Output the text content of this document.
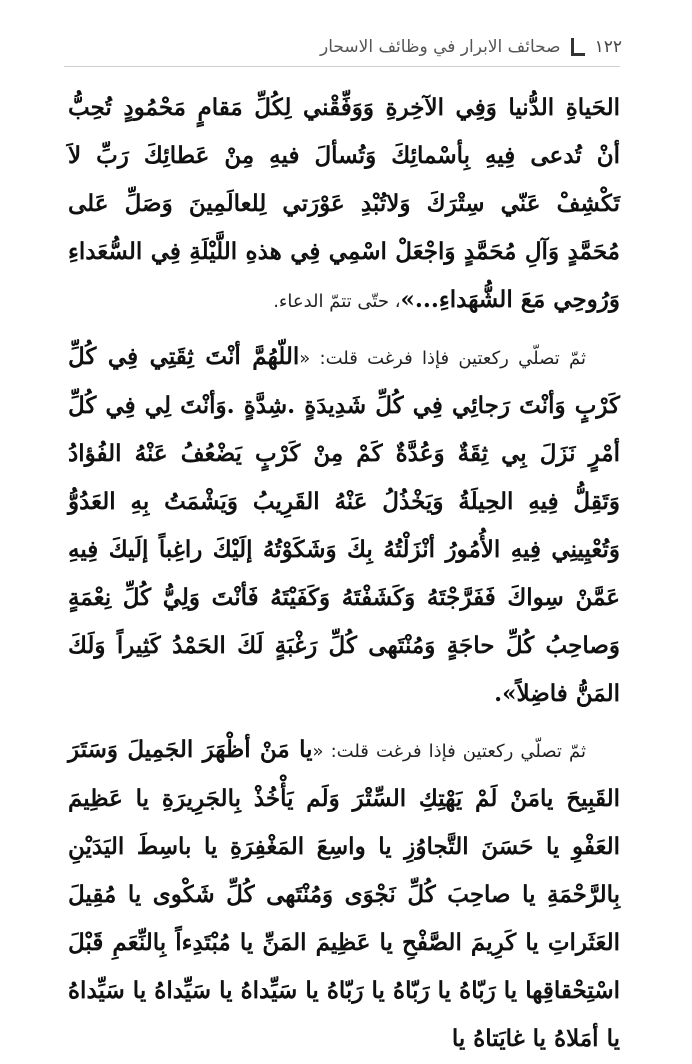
١٢٢
صحائف الابرار في وظائف الاسحار

الحَياةِ الدُّنيا وَفِي الآخِرةِ وَوَفِّقْني لِكُلِّ مَقامٍ مَحْمُودٍ تُحِبُّ أنْ تُدعى فِيهِ بِأسْمائِكَ وَتُسألَ فيهِ مِنْ عَطائِكَ رَبِّ لاَ تَكْشِفْ عَنّي سِتْرَكَ وَلاتُبْدِ عَوْرَتي لِلعالَمِينَ وَصَلِّ عَلى مُحَمَّدٍ وَآلِ مُحَمَّدٍ وَاجْعَلْ اسْمِي فِي هذهِ اللَّيْلَةِ فِي السُّعَداءِ وَرُوحِي مَعَ الشُّهَداءِ...»، حتّى تتمّ الدعاء.

ثمّ تصلّي ركعتين فإذا فرغت قلت: «اللّهُمَّ أنْتَ ثِقَتِي فِي كُلِّ كَرْبٍ وَأنْتَ رَجائِي فِي كُلِّ شَدِيدَةٍ .شِدَّةٍ .وَأنْتَ لِي فِي كُلِّ أمْرٍ نَزَلَ بِي ثِقَةٌ وَعُدَّةٌ كَمْ مِنْ كَرْبٍ يَضْعُفُ عَنْهُ الفُؤادُ وَتَقِلُّ فِيهِ الحِيلَةُ وَيَخْذُلُ عَنْهُ القَرِيبُ وَيَشْمَتُ بِهِ العَدُوُّ وَتُعْيِينِي فِيهِ الأُمُورُ أنْزَلْتُهُ بِكَ وَشَكَوْتُهُ إلَيْكَ راغِباً إلَيكَ فِيهِ عَمَّنْ سِواكَ فَفَرَّجْتَهُ وَكَشَفْتَهُ وَكَفَيْتَهُ فَأنْتَ وَلِيُّ كُلِّ نِعْمَةٍ وَصاحِبُ كُلِّ حاجَةٍ وَمُنْتَهى كُلِّ رَغْبَةٍ لَكَ الحَمْدُ كَثِيراً وَلَكَ المَنُّ فاضِلاً».

ثمّ تصلّي ركعتين فإذا فرغت قلت: «يا مَنْ أظْهَرَ الجَمِيلَ وَسَتَرَ القَبِيحَ يامَنْ لَمْ يَهْتِكِ السِّتْرَ وَلَم يَأْخُذْ بِالجَرِيرَةِ يا عَظِيمَ العَفْوِ يا حَسَنَ التَّجاوُزِ يا واسِعَ المَغْفِرَةِ يا باسِطَ اليَدَيْنِ بِالرَّحْمَةِ يا صاحِبَ كُلِّ نَجْوَى وَمُنْتَهى كُلِّ شَكْوى يا مُقِيلَ العَثَراتِ يا كَرِيمَ الصَّفْحِ يا عَظِيمَ المَنِّ يا مُبْتَدِءاً بِالنِّعَمِ قَبْلَ اسْتِحْقاقِها يا رَبّاهُ يا رَبّاهُ يا رَبّاهُ يا سَيِّداهُ يا سَيِّداهُ يا سَيِّداهُ يا أمَلاهُ يا غايَتاهُ يا
